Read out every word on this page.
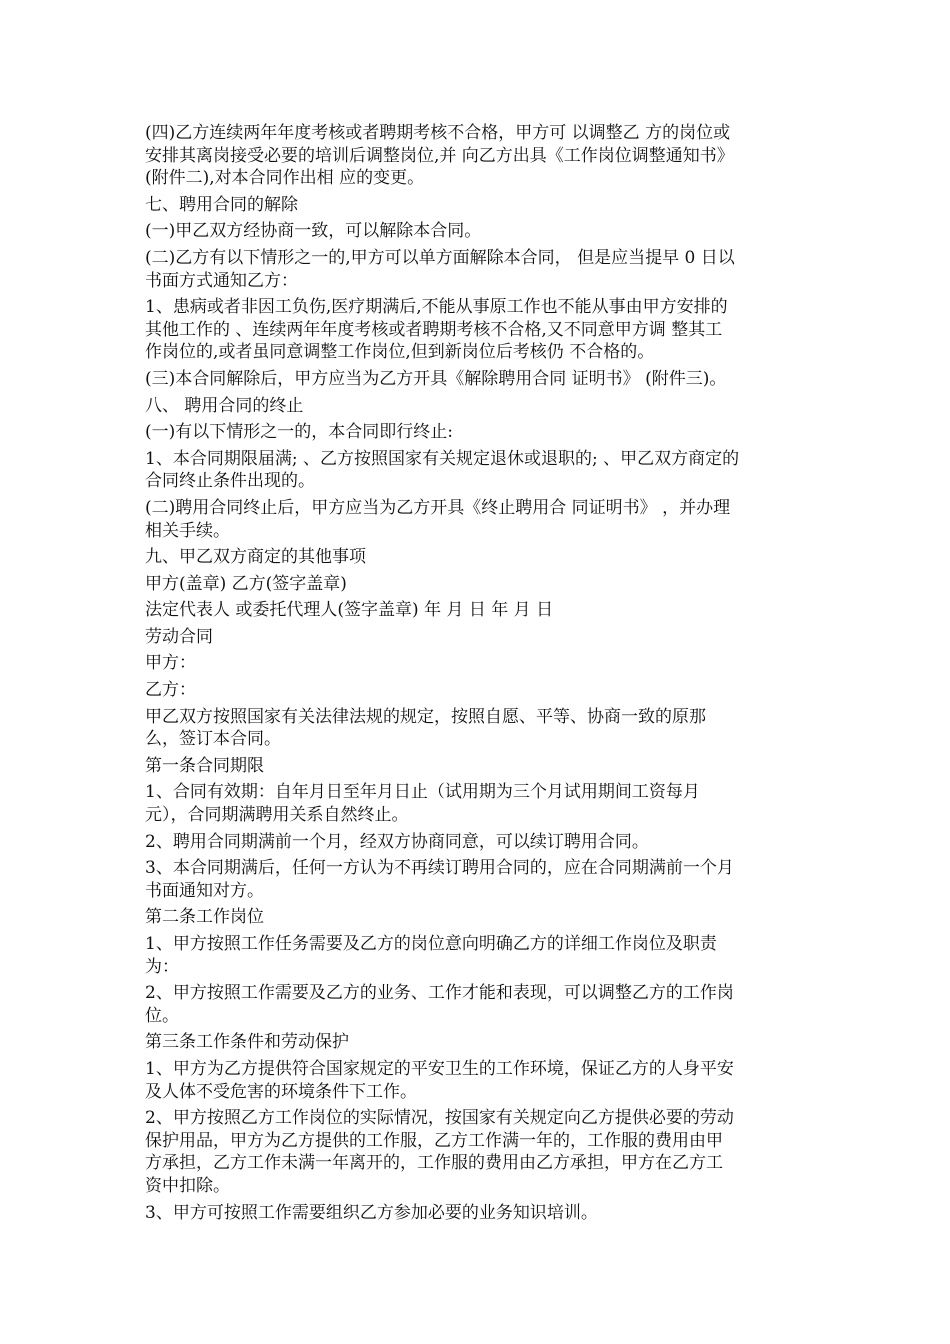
(四)乙方连续两年年度考核或者聘期考核不合格，甲方可 以调整乙 方的岗位或
安排其离岗接受必要的培训后调整岗位,并 向乙方出具《工作岗位调整通知书》
(附件二),对本合同作出相 应的变更。
七、聘用合同的解除
(一)甲乙双方经协商一致，可以解除本合同。
(二)乙方有以下情形之一的,甲方可以单方面解除本合同， 但是应当提早 0 日以
书面方式通知乙方：
1、患病或者非因工负伤,医疗期满后,不能从事原工作也不能从事由甲方安排的
其他工作的 、连续两年年度考核或者聘期考核不合格,又不同意甲方调 整其工
作岗位的,或者虽同意调整工作岗位,但到新岗位后考核仍 不合格的。
(三)本合同解除后，甲方应当为乙方开具《解除聘用合同 证明书》 (附件三)。
八、 聘用合同的终止
(一)有以下情形之一的，本合同即行终止:
1、本合同期限届满; 、乙方按照国家有关规定退休或退职的; 、甲乙双方商定的
合同终止条件出现的。
(二)聘用合同终止后，甲方应当为乙方开具《终止聘用合 同证明书》 ，并办理
相关手续。
九、甲乙双方商定的其他事项
甲方(盖章) 乙方(签字盖章)
法定代表人 或委托代理人(签字盖章) 年 月 日 年 月 日
劳动合同
甲方：
乙方：
甲乙双方按照国家有关法律法规的规定，按照自愿、平等、协商一致的原那
么，签订本合同。
第一条合同期限
1、合同有效期：自年月日至年月日止（试用期为三个月试用期间工资每月
元），合同期满聘用关系自然终止。
2、聘用合同期满前一个月，经双方协商同意，可以续订聘用合同。
3、本合同期满后，任何一方认为不再续订聘用合同的，应在合同期满前一个月
书面通知对方。
第二条工作岗位
1、甲方按照工作任务需要及乙方的岗位意向明确乙方的详细工作岗位及职责
为：
2、甲方按照工作需要及乙方的业务、工作才能和表现，可以调整乙方的工作岗
位。
第三条工作条件和劳动保护
1、甲方为乙方提供符合国家规定的平安卫生的工作环境，保证乙方的人身平安
及人体不受危害的环境条件下工作。
2、甲方按照乙方工作岗位的实际情况，按国家有关规定向乙方提供必要的劳动
保护用品，甲方为乙方提供的工作服，乙方工作满一年的，工作服的费用由甲
方承担，乙方工作未满一年离开的，工作服的费用由乙方承担，甲方在乙方工
资中扣除。
3、甲方可按照工作需要组织乙方参加必要的业务知识培训。
